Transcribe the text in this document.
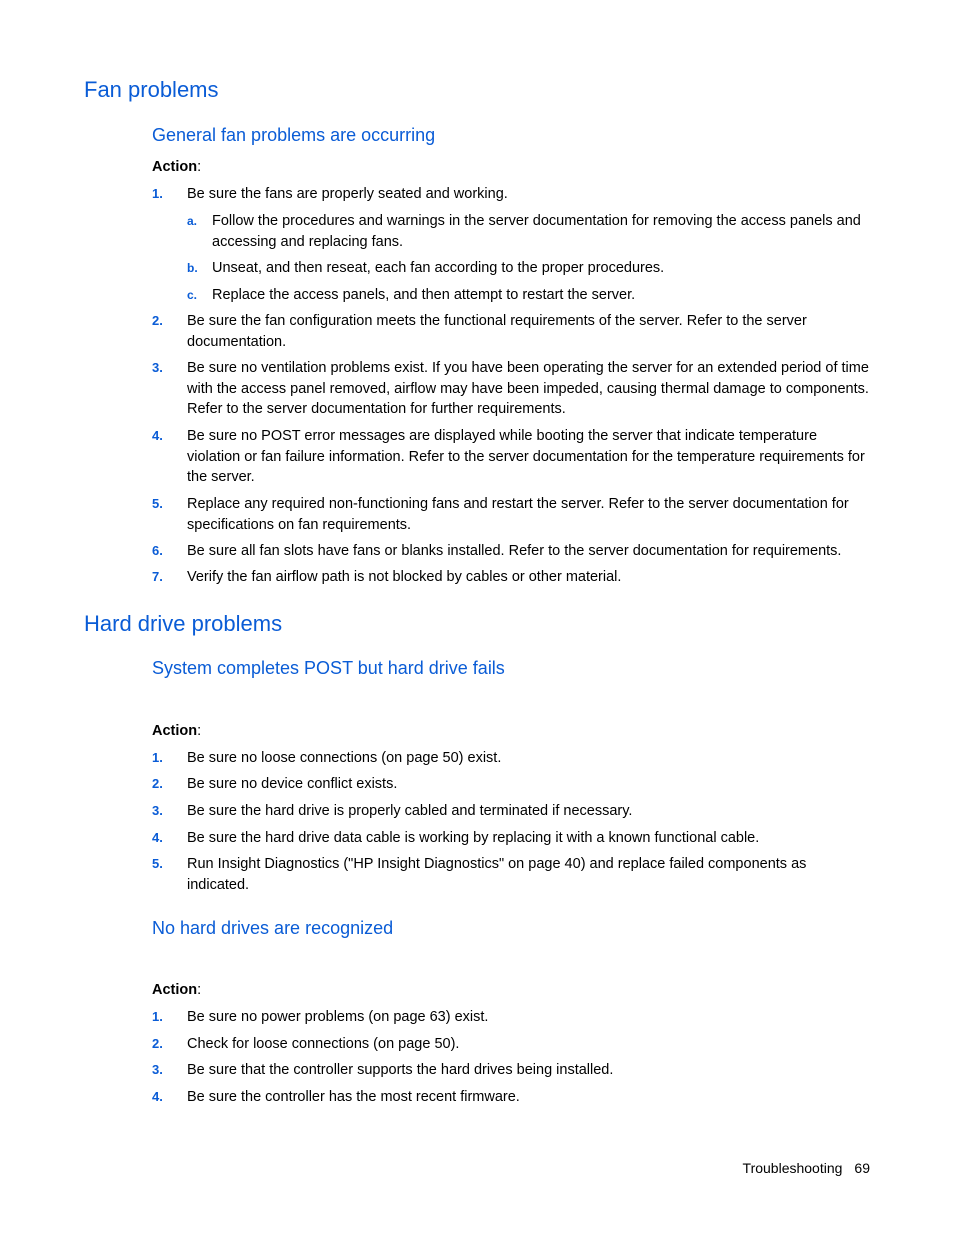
Fan problems
General fan problems are occurring
Action:
1. Be sure the fans are properly seated and working.
a. Follow the procedures and warnings in the server documentation for removing the access panels and accessing and replacing fans.
b. Unseat, and then reseat, each fan according to the proper procedures.
c. Replace the access panels, and then attempt to restart the server.
2. Be sure the fan configuration meets the functional requirements of the server. Refer to the server documentation.
3. Be sure no ventilation problems exist. If you have been operating the server for an extended period of time with the access panel removed, airflow may have been impeded, causing thermal damage to components. Refer to the server documentation for further requirements.
4. Be sure no POST error messages are displayed while booting the server that indicate temperature violation or fan failure information. Refer to the server documentation for the temperature requirements for the server.
5. Replace any required non-functioning fans and restart the server. Refer to the server documentation for specifications on fan requirements.
6. Be sure all fan slots have fans or blanks installed. Refer to the server documentation for requirements.
7. Verify the fan airflow path is not blocked by cables or other material.
Hard drive problems
System completes POST but hard drive fails
Action:
1. Be sure no loose connections (on page 50) exist.
2. Be sure no device conflict exists.
3. Be sure the hard drive is properly cabled and terminated if necessary.
4. Be sure the hard drive data cable is working by replacing it with a known functional cable.
5. Run Insight Diagnostics ("HP Insight Diagnostics" on page 40) and replace failed components as indicated.
No hard drives are recognized
Action:
1. Be sure no power problems (on page 63) exist.
2. Check for loose connections (on page 50).
3. Be sure that the controller supports the hard drives being installed.
4. Be sure the controller has the most recent firmware.
Troubleshooting 69
